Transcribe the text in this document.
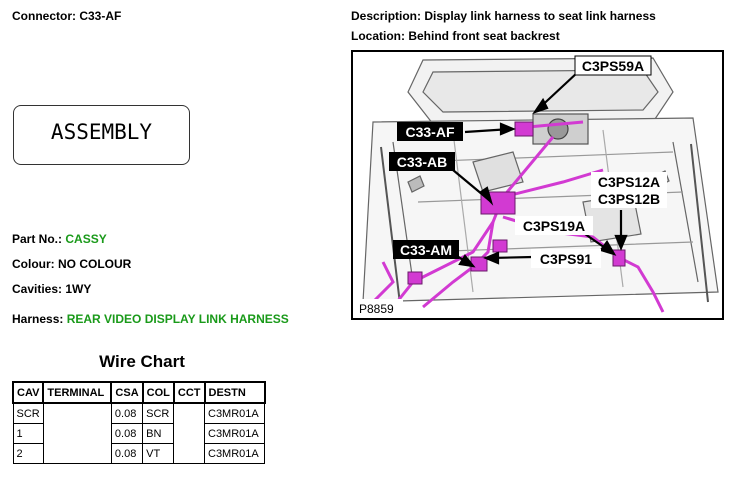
Connector: C33-AF	Description: Display link harness to seat link harness
Location: Behind front seat backrest
ASSEMBLY
Part No.: CASSY
Colour: NO COLOUR
Cavities: 1WY
Harness: REAR VIDEO DISPLAY LINK HARNESS
C3PS59A
C33-AF
C33-AB
C3PS12A
C3PS12B
C3PS19A
C33-AM
C3PS91
P8859
Wire Chart
CAV	TERMINAL	CSA	COL	CCT	DESTN
SCR		0.08	SCR		C3MR01A
1		0.08	BN		C3MR01A
2		0.08	VT		C3MR01A
